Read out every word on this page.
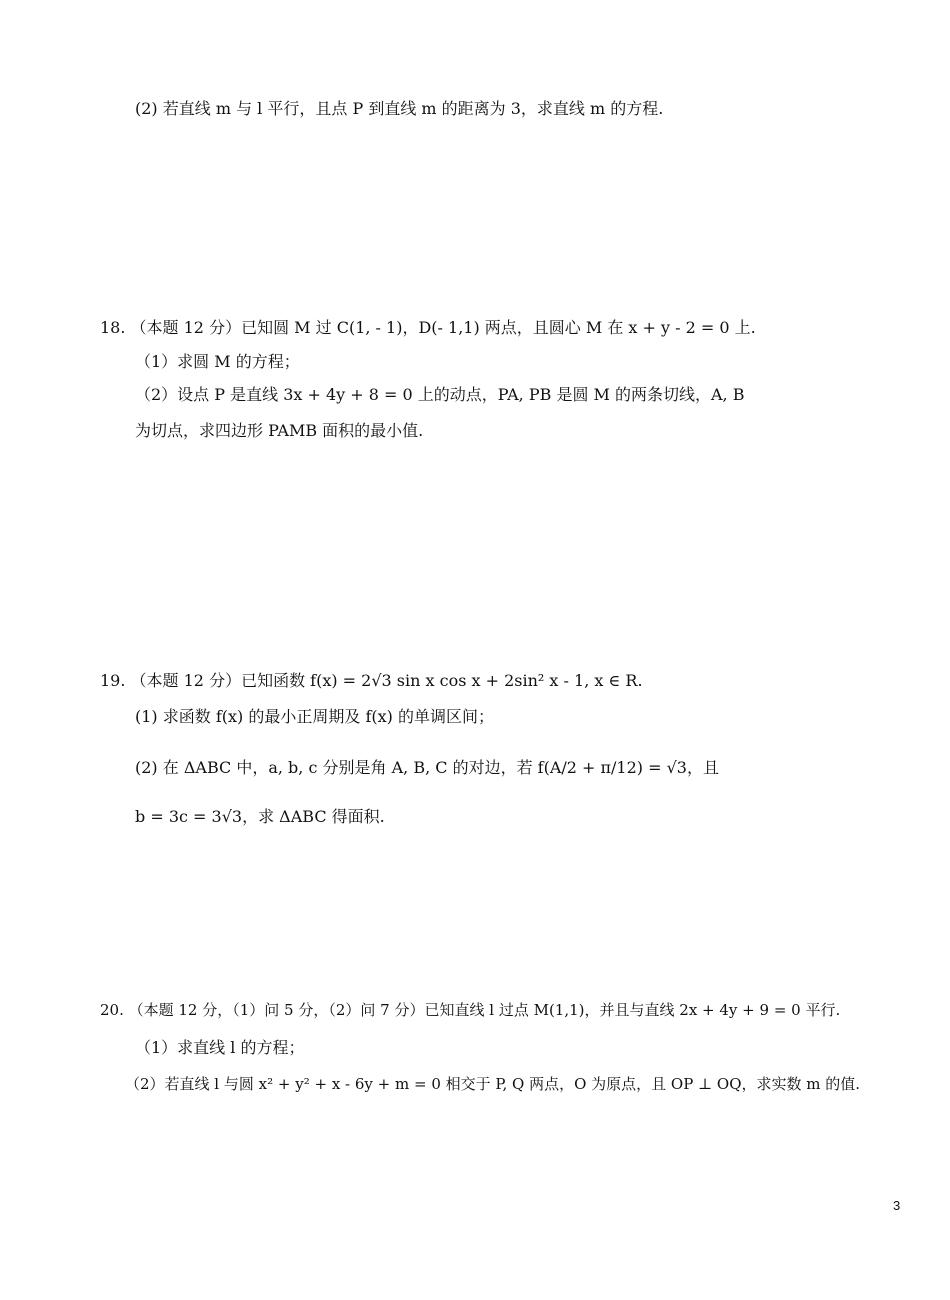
(2) 若直线 m 与 l 平行，且点 P 到直线 m 的距离为 3，求直线 m 的方程.
18. （本题 12 分）已知圆 M 过 C(1, - 1)，D(- 1,1) 两点，且圆心 M 在 x + y - 2 = 0 上.
（1）求圆 M 的方程；
（2）设点 P 是直线 3x + 4y + 8 = 0 上的动点，PA, PB 是圆 M 的两条切线，A, B
为切点，求四边形 PAMB 面积的最小值.
19. （本题 12 分）已知函数 f(x) = 2√3 sin x cos x + 2sin² x - 1, x ∈ R.
(1) 求函数 f(x) 的最小正周期及 f(x) 的单调区间；
(2) 在 ΔABC 中，a, b, c 分别是角 A, B, C 的对边，若 f(A/2 + π/12) = √3，且
b = 3c = 3√3，求 ΔABC 得面积.
20. （本题 12 分，（1）问 5 分，（2）问 7 分）已知直线 l 过点 M(1,1)，并且与直线 2x + 4y + 9 = 0 平行.
（1）求直线 l 的方程；
（2）若直线 l 与圆 x² + y² + x - 6y + m = 0 相交于 P, Q 两点，O 为原点，且 OP ⊥ OQ，求实数 m 的值.
3
